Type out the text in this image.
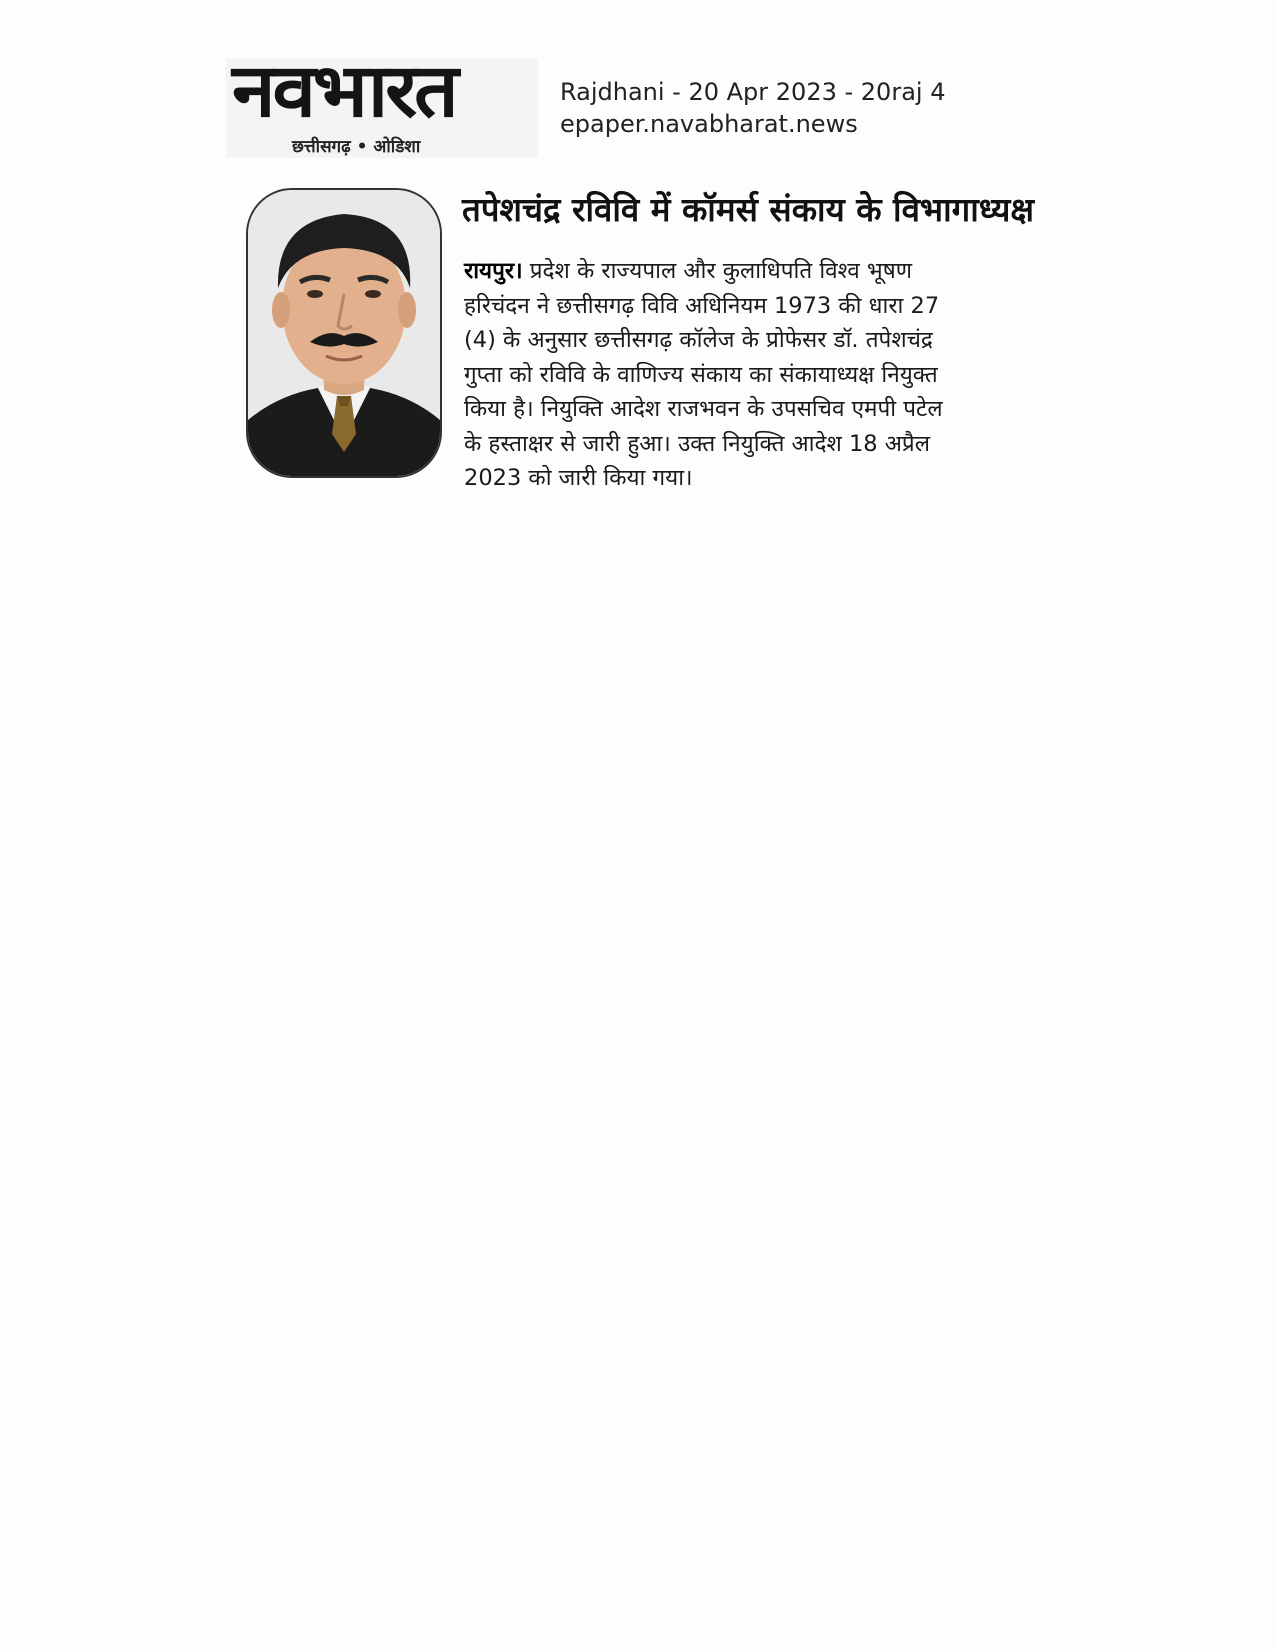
नवभारत
छत्तीसगढ़ • ओडिशा
Rajdhani - 20 Apr 2023 - 20raj 4
epaper.navabharat.news
तपेशचंद्र रविवि में कॉमर्स संकाय के विभागाध्यक्ष
रायपुर। प्रदेश के राज्यपाल और कुलाधिपति विश्व भूषण
हरिचंदन ने छत्तीसगढ़ विवि अधिनियम 1973 की धारा 27
(4) के अनुसार छत्तीसगढ़ कॉलेज के प्रोफेसर डॉ. तपेशचंद्र
गुप्ता को रविवि के वाणिज्य संकाय का संकायाध्यक्ष नियुक्त
किया है। नियुक्ति आदेश राजभवन के उपसचिव एमपी पटेल
के हस्ताक्षर से जारी हुआ। उक्त नियुक्ति आदेश 18 अप्रैल
2023 को जारी किया गया।
